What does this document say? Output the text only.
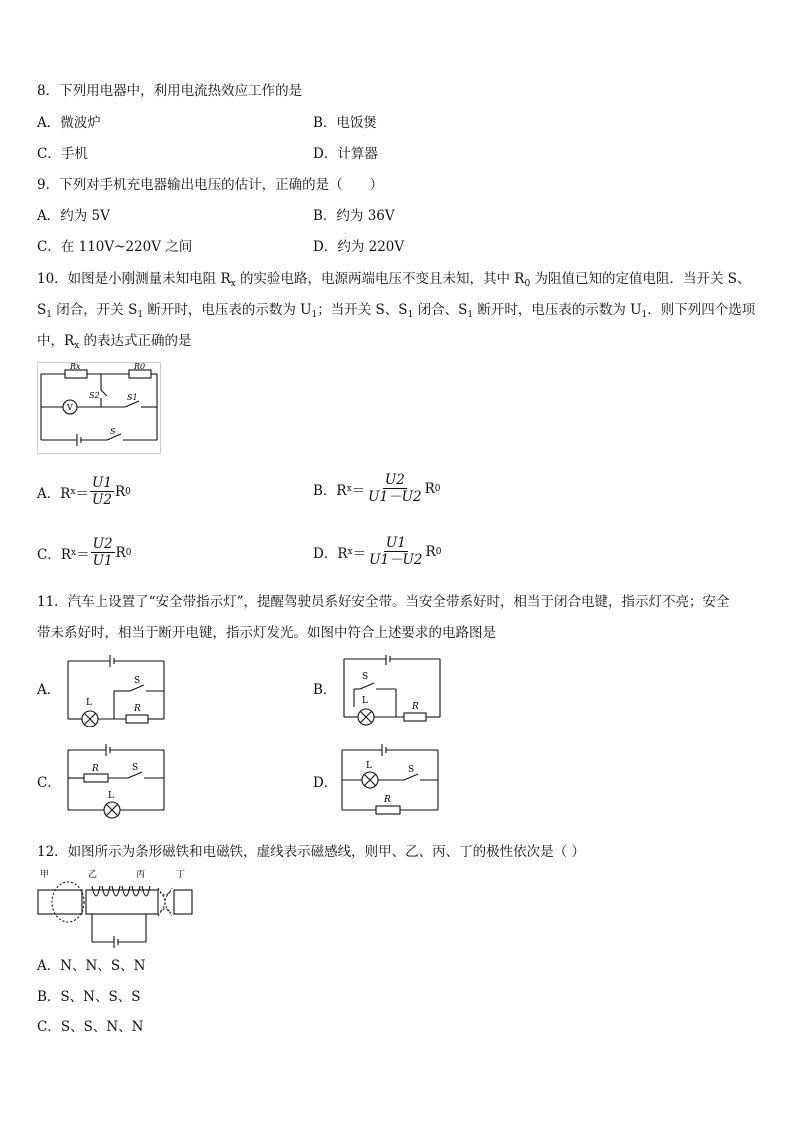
8．下列用电器中，利用电流热效应工作的是
A．微波炉	B．电饭煲
C．手机	D．计算器
9．下列对手机充电器输出电压的估计，正确的是（　　）
A．约为 5V	B．约为 36V
C．在 110V~220V 之间	D．约为 220V
10．如图是小刚测量未知电阻 $R_x$ 的实验电路，电源两端电压不变且未知，其中 $R_0$ 为阻值已知的定值电阻．当开关 S、
$S_1$ 闭合，开关 $S_1$ 断开时，电压表的示数为 $U_1$；当开关 S、$S_1$ 闭合、$S_1$ 断开时，电压表的示数为 $U_1$．则下列四个选项
中，$R_x$ 的表达式正确的是
Rx	R0
S2	S1
S
V
A．R $x = \frac{U1}{U2}$ R 0	B．R $x = \frac{U2}{U1-U2}$ R 0
C．R $x = \frac{U2}{U1}$ R 0	D．R $x = \frac{U1}{U1-U2}$ R 0
11．汽车上设置了“安全带指示灯”，提醒驾驶员系好安全带。当安全带系好时，相当于闭合电键，指示灯不亮；安全
带未系好时，相当于断开电键，指示灯发光。如图中符合上述要求的电路图是
A．
S
L
R
B．
S
L
R
C．
R	S
L
D．
L	S
R
12．如图所示为条形磁铁和电磁铁，虚线表示磁感线，则甲、乙、丙、丁的极性依次是（ ）
甲	乙	丙	丁
A．N、N、S、N
B．S、N、S、S
C．S、S、N、N
